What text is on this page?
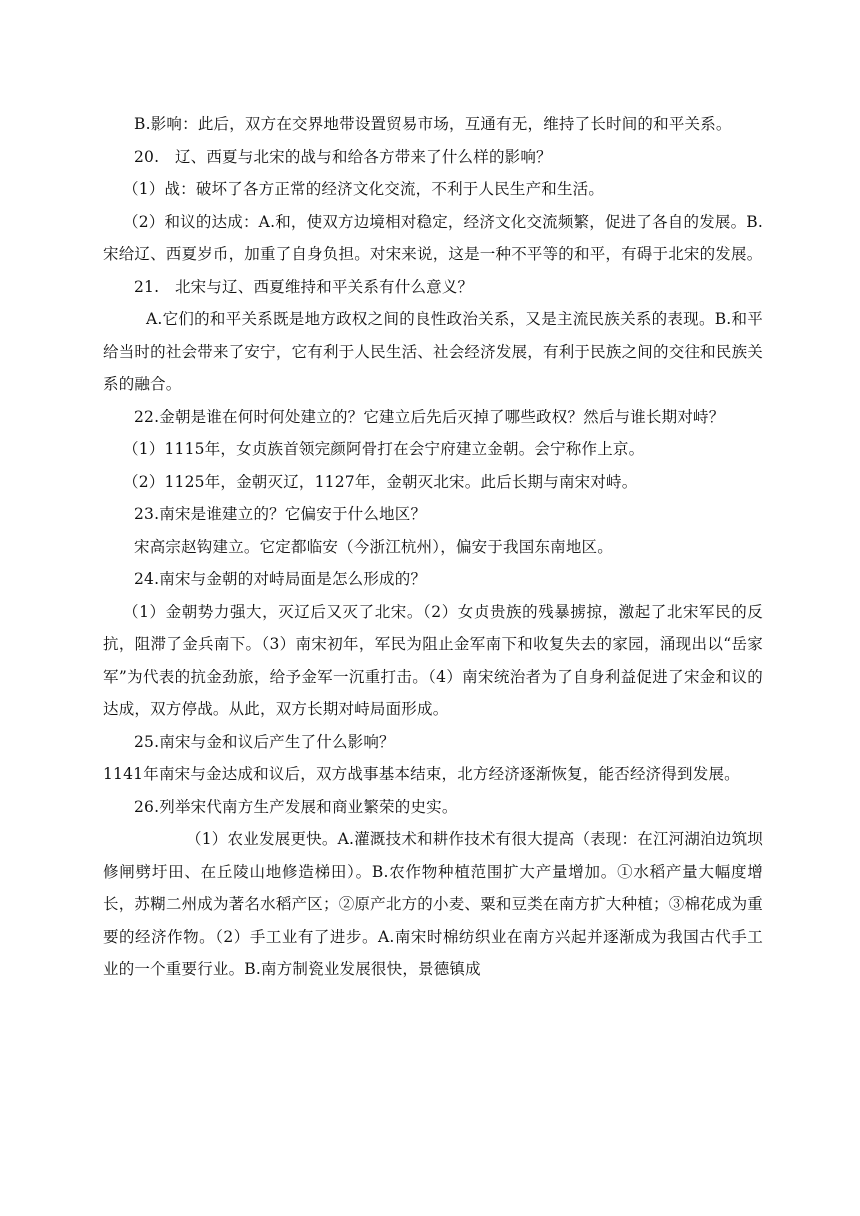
B.影响：此后，双方在交界地带设置贸易市场，互通有无，维持了长时间的和平关系。

20.　辽、西夏与北宋的战与和给各方带来了什么样的影响？

（1）战：破坏了各方正常的经济文化交流，不利于人民生产和生活。

（2）和议的达成：A.和，使双方边境相对稳定，经济文化交流频繁，促进了各自的发展。B.宋给辽、西夏岁币，加重了自身负担。对宋来说，这是一种不平等的和平，有碍于北宋的发展。

21.　北宋与辽、西夏维持和平关系有什么意义？

A.它们的和平关系既是地方政权之间的良性政治关系，又是主流民族关系的表现。B.和平给当时的社会带来了安宁，它有利于人民生活、社会经济发展，有利于民族之间的交往和民族关系的融合。

22.金朝是谁在何时何处建立的？它建立后先后灭掉了哪些政权？然后与谁长期对峙？

（1）1115年，女贞族首领完颜阿骨打在会宁府建立金朝。会宁称作上京。

（2）1125年，金朝灭辽，1127年，金朝灭北宋。此后长期与南宋对峙。

23.南宋是谁建立的？它偏安于什么地区？

宋高宗赵钩建立。它定都临安（今浙江杭州），偏安于我国东南地区。

24.南宋与金朝的对峙局面是怎么形成的？

（1）金朝势力强大，灭辽后又灭了北宋。（2）女贞贵族的残暴掳掠，激起了北宋军民的反抗，阻滞了金兵南下。（3）南宋初年，军民为阻止金军南下和收复失去的家园，涌现出以“岳家军”为代表的抗金劲旅，给予金军一沉重打击。（4）南宋统治者为了自身利益促进了宋金和议的达成，双方停战。从此，双方长期对峙局面形成。

25.南宋与金和议后产生了什么影响？

1141年南宋与金达成和议后，双方战事基本结束，北方经济逐渐恢复，能否经济得到发展。

26.列举宋代南方生产发展和商业繁荣的史实。

（1）农业发展更快。A.灌溉技术和耕作技术有很大提高（表现：在江河湖泊边筑坝修闸劈圩田、在丘陵山地修造梯田）。B.农作物种植范围扩大产量增加。①水稻产量大幅度增长，苏糊二州成为著名水稻产区；②原产北方的小麦、粟和豆类在南方扩大种植；③棉花成为重要的经济作物。（2）手工业有了进步。A.南宋时棉纺织业在南方兴起并逐渐成为我国古代手工业的一个重要行业。B.南方制瓷业发展很快，景德镇成
